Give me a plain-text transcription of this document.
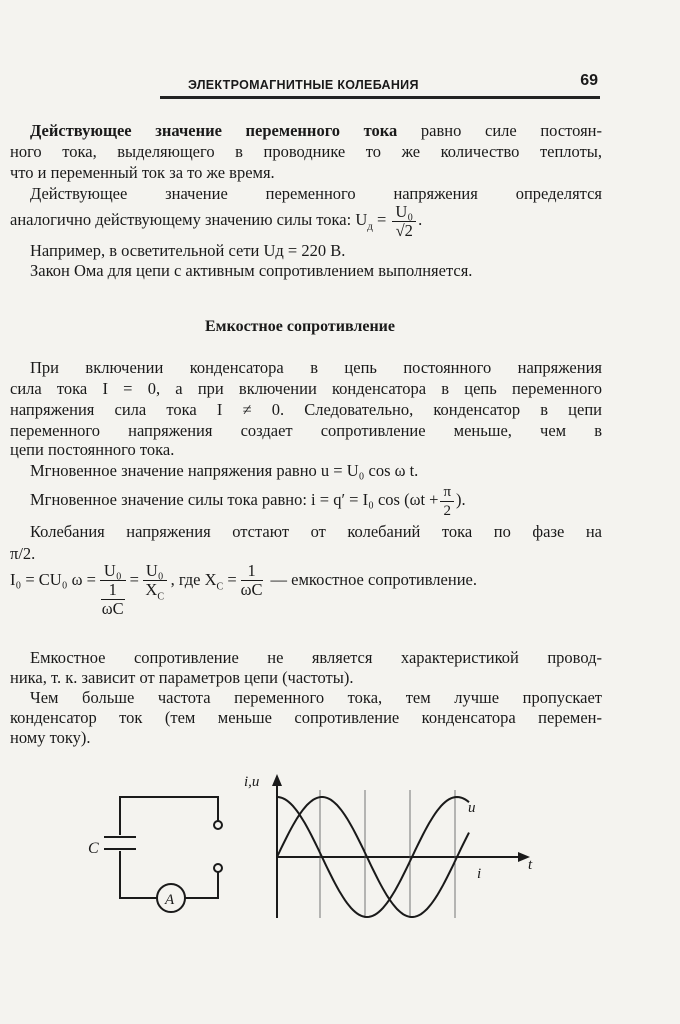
ЭЛЕКТРОМАГНИТНЫЕ КОЛЕБАНИЯ	69
Действующее значение переменного тока равно силе постоян-
ного тока, выделяющего в проводнике то же количество теплоты,
что и переменный ток за то же время.
Действующее значение переменного напряжения определятся
аналогично действующему значению силы тока: $U_д = \frac{\text{U₀}}{√2}$ .
Например, в осветительной сети Uд = 220 В.
Закон Ома для цепи с активным сопротивлением выполняется.
Емкостное сопротивление
При включении конденсатора в цепь постоянного напряжения
сила тока I = 0, а при включении конденсатора в цепь переменного
напряжения сила тока I ≠ 0. Следовательно, конденсатор в цепи
переменного напряжения создает сопротивление меньше, чем в
цепи постоянного тока.
Мгновенное значение напряжения равно u = U₀ cos ω t.
Мгновенное значение силы тока равно: i = q′ = I₀ $\cos (\omega t + \frac{\pi}{2}$ ).
Колебания напряжения отстают от колебаний тока по фазе на
π/2.
I₀ = CU₀ ω = U₀
1
ωC
= $\frac{\text{U₀}}{X_C}$ , где $X_C = \frac{1}{\omega C}$ — емкостное сопротивление.
Емкостное сопротивление не является характеристикой провод-
ника, т. к. зависит от параметров цепи (частоты).
Чем больше частота переменного тока, тем лучше пропускает
конденсатор ток (тем меньше сопротивление конденсатора перемен-
ному току).
C
A
i,u
t
u
i
